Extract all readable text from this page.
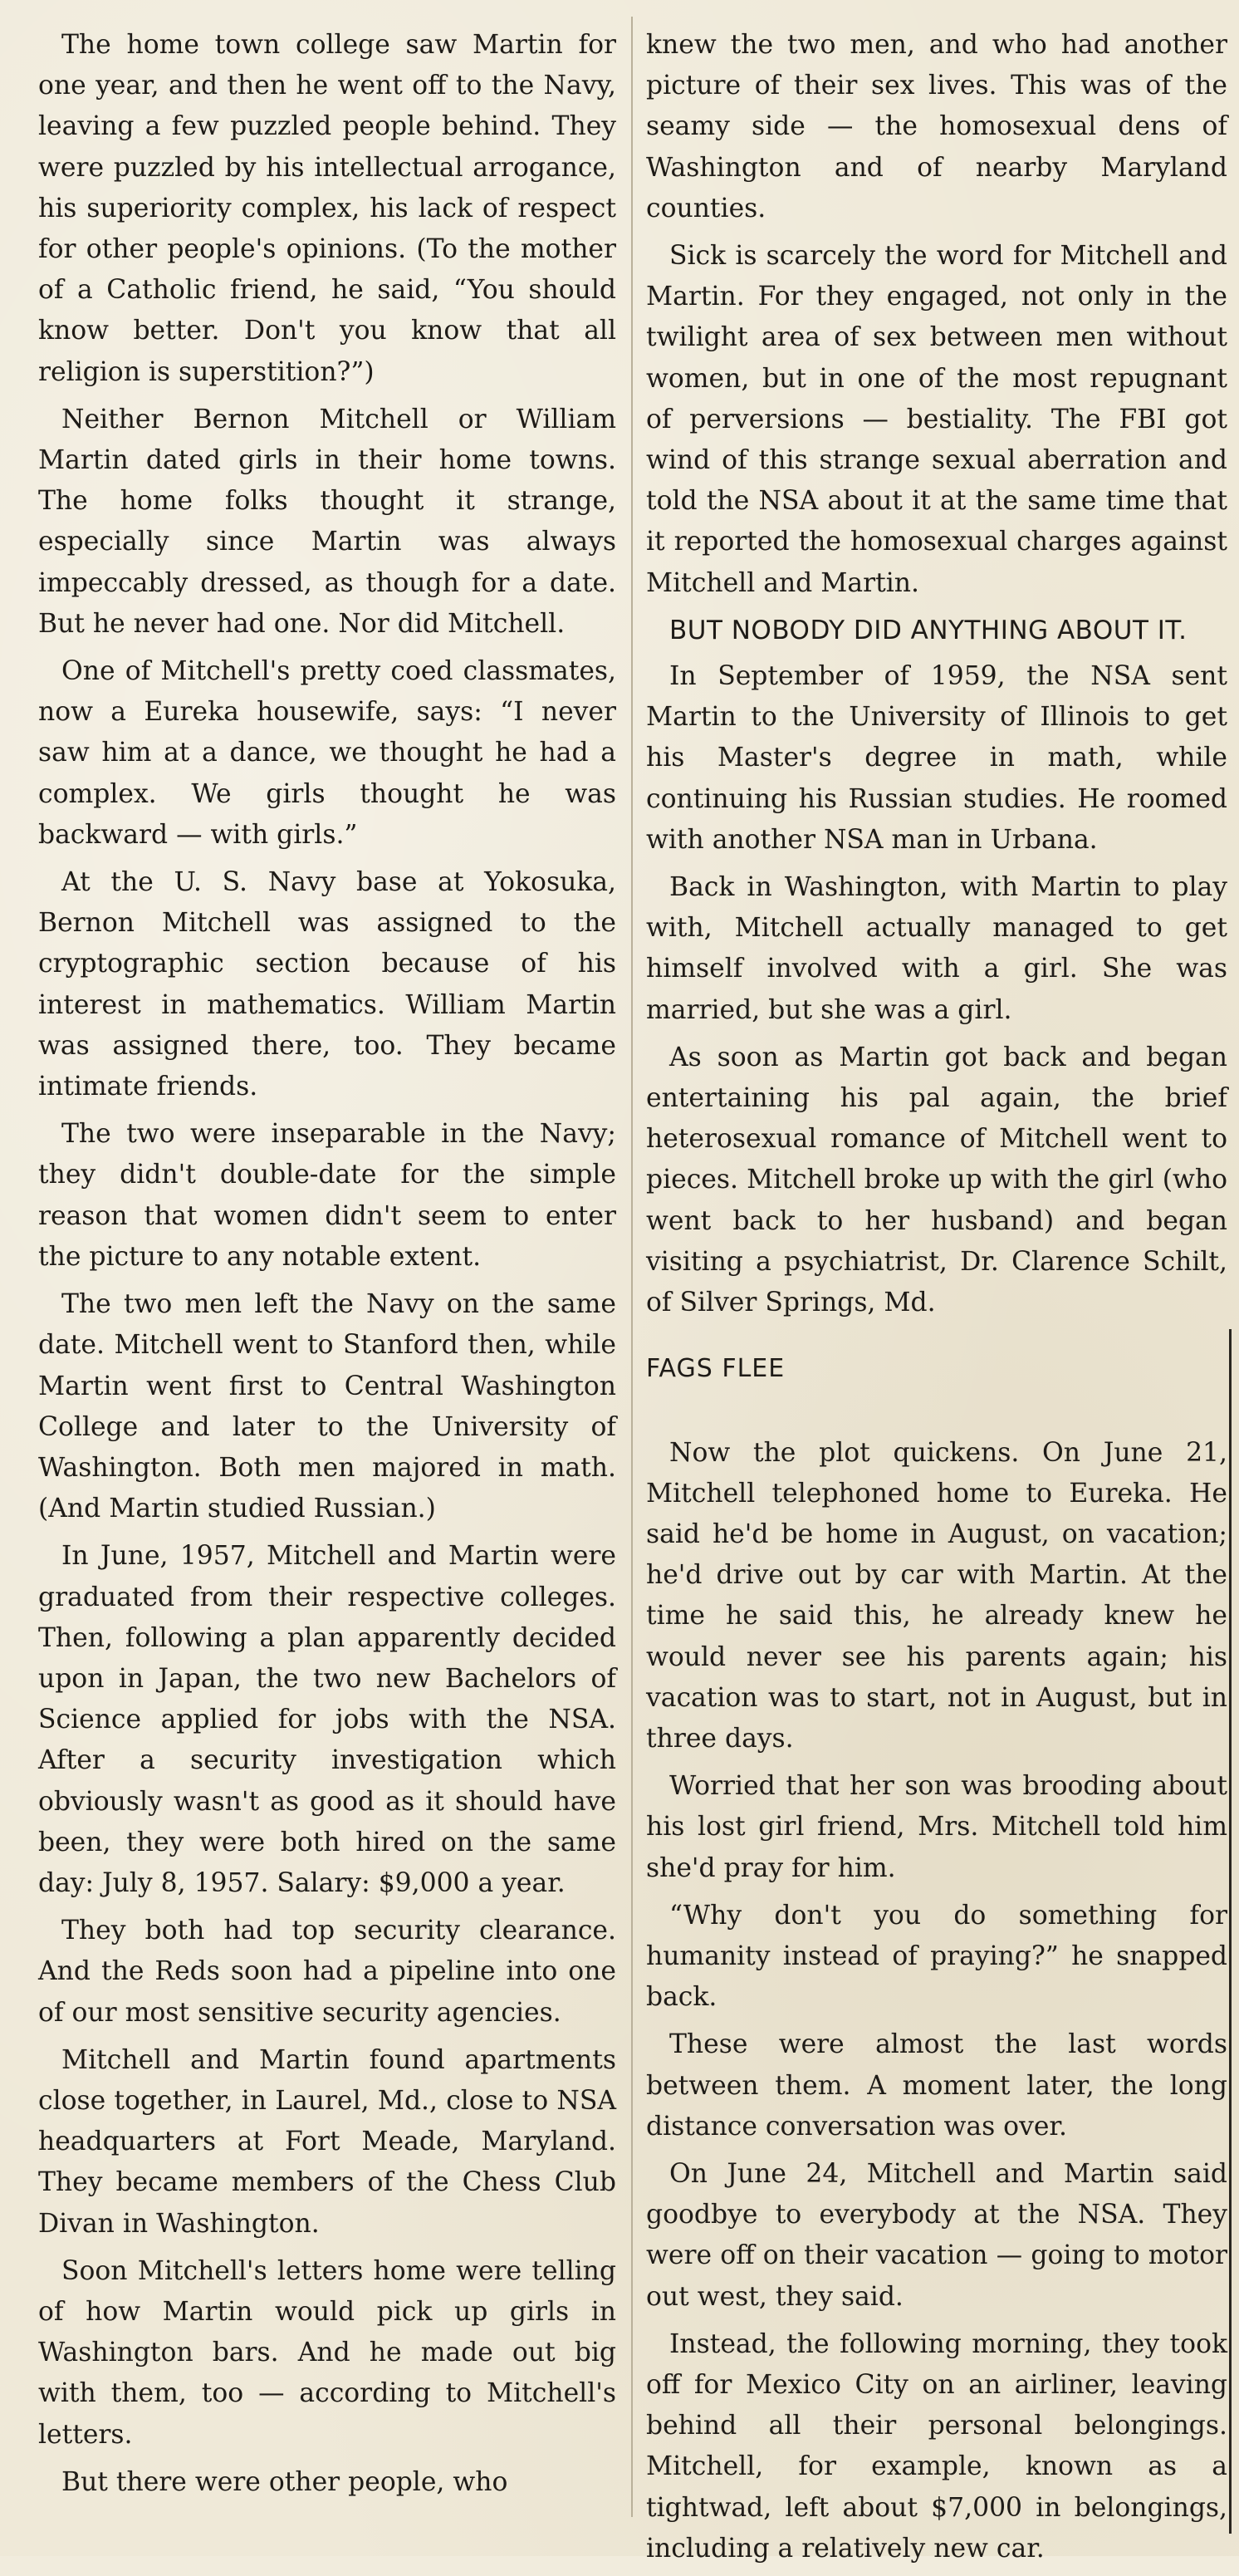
The home town college saw Martin for one year, and then he went off to the Navy, leaving a few puzzled people behind. They were puzzled by his intellectual arrogance, his superiority complex, his lack of respect for other people's opinions. (To the mother of a Catholic friend, he said, “You should know better. Don't you know that all religion is superstition?”)

Neither Bernon Mitchell or William Martin dated girls in their home towns. The home folks thought it strange, especially since Martin was always impeccably dressed, as though for a date. But he never had one. Nor did Mitchell.

One of Mitchell's pretty coed classmates, now a Eureka housewife, says: “I never saw him at a dance, we thought he had a complex. We girls thought he was backward — with girls.”

At the U. S. Navy base at Yokosuka, Bernon Mitchell was assigned to the cryptographic section because of his interest in mathematics. William Martin was assigned there, too. They became intimate friends.

The two were inseparable in the Navy; they didn't double-date for the simple reason that women didn't seem to enter the picture to any notable extent.

The two men left the Navy on the same date. Mitchell went to Stanford then, while Martin went first to Central Washington College and later to the University of Washington. Both men majored in math. (And Martin studied Russian.)

In June, 1957, Mitchell and Martin were graduated from their respective colleges. Then, following a plan apparently decided upon in Japan, the two new Bachelors of Science applied for jobs with the NSA. After a security investigation which obviously wasn't as good as it should have been, they were both hired on the same day: July 8, 1957. Salary: $9,000 a year.

They both had top security clearance. And the Reds soon had a pipeline into one of our most sensitive security agencies.

Mitchell and Martin found apartments close together, in Laurel, Md., close to NSA headquarters at Fort Meade, Maryland. They became members of the Chess Club Divan in Washington.

Soon Mitchell's letters home were telling of how Martin would pick up girls in Washington bars. And he made out big with them, too — according to Mitchell's letters.

But there were other people, who

knew the two men, and who had another picture of their sex lives. This was of the seamy side — the homosexual dens of Washington and of nearby Maryland counties.

Sick is scarcely the word for Mitchell and Martin. For they engaged, not only in the twilight area of sex between men without women, but in one of the most repugnant of perversions — bestiality. The FBI got wind of this strange sexual aberration and told the NSA about it at the same time that it reported the homosexual charges against Mitchell and Martin.

BUT NOBODY DID ANYTHING ABOUT IT.

In September of 1959, the NSA sent Martin to the University of Illinois to get his Master's degree in math, while continuing his Russian studies. He roomed with another NSA man in Urbana.

Back in Washington, with Martin to play with, Mitchell actually managed to get himself involved with a girl. She was married, but she was a girl.

As soon as Martin got back and began entertaining his pal again, the brief heterosexual romance of Mitchell went to pieces. Mitchell broke up with the girl (who went back to her husband) and began visiting a psychiatrist, Dr. Clarence Schilt, of Silver Springs, Md.

FAGS FLEE

Now the plot quickens. On June 21, Mitchell telephoned home to Eureka. He said he'd be home in August, on vacation; he'd drive out by car with Martin. At the time he said this, he already knew he would never see his parents again; his vacation was to start, not in August, but in three days.

Worried that her son was brooding about his lost girl friend, Mrs. Mitchell told him she'd pray for him.

“Why don't you do something for humanity instead of praying?” he snapped back.

These were almost the last words between them. A moment later, the long distance conversation was over.

On June 24, Mitchell and Martin said goodbye to everybody at the NSA. They were off on their vacation — going to motor out west, they said.

Instead, the following morning, they took off for Mexico City on an airliner, leaving behind all their personal belongings. Mitchell, for example, known as a tightwad, left about $7,000 in belongings, including a relatively new car.
